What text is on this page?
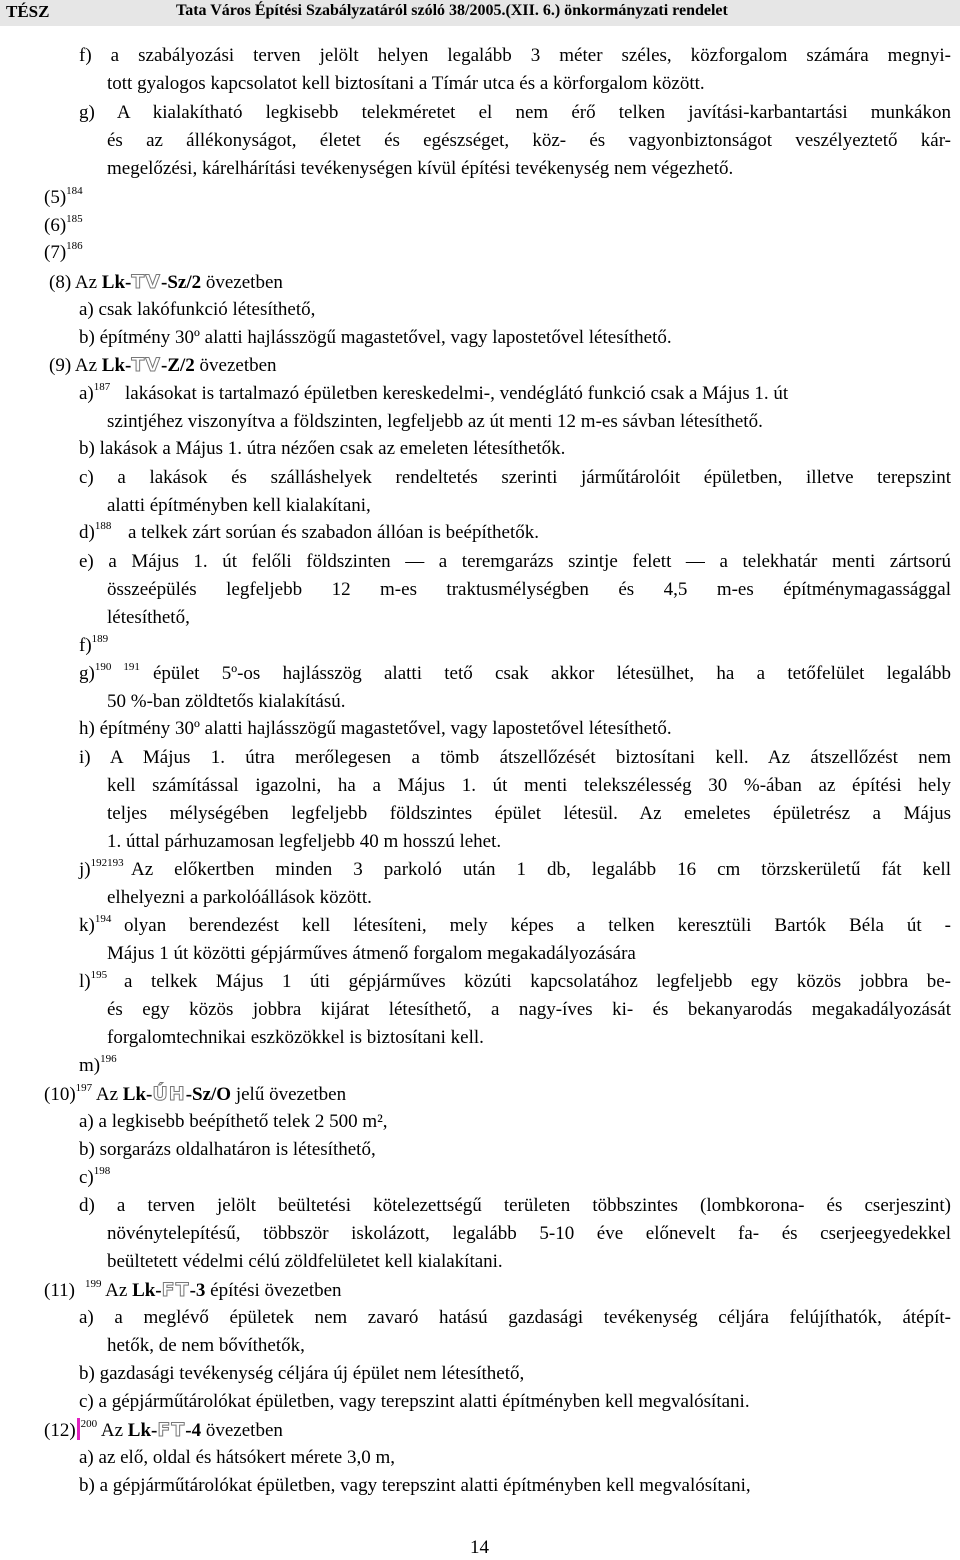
TÉSZ	Tata Város Építési Szabályzatáról szóló 38/2005.(XII. 6.) önkormányzati rendelet
f) a szabályozási terven jelölt helyen legalább 3 méter széles, közforgalom számára megnyi-
tott gyalogos kapcsolatot kell biztosítani a Tímár utca és a körforgalom között.
g) A kialakítható legkisebb telekméretet el nem érő telken javítási-karbantartási munkákon
és az állékonyságot, életet és egészséget, köz- és vagyonbiztonságot veszélyeztető kár-
megelőzési, kárelhárítási tevékenységen kívül építési tevékenység nem végezhető.
$(5)^{184}$
$(6)^{185}$
$(7)^{186}$
(8) Az Lk-TV-Sz/2 övezetben
a) csak lakófunkció létesíthető,
b) építmény 30º alatti hajlásszögű magastetővel, vagy lapostetővel létesíthető.
(9) Az Lk-TV-Z/2 övezetben
a)$^{187}$ lakásokat is tartalmazó épületben kereskedelmi-, vendéglátó funkció csak a Május 1. út
szintjéhez viszonyítva a földszinten, legfeljebb az út menti 12 m-es sávban létesíthető.
b) lakások a Május 1. útra nézően csak az emeleten létesíthetők.
c) a lakások és szálláshelyek rendeltetés szerinti járműtárolóit épületben, illetve terepszint
alatti építményben kell kialakítani,
d)$^{188}$ a telkek zárt sorúan és szabadon állóan is beépíthetők.
e) a Május 1. út felőli földszinten — a teremgarázs szintje felett — a telekhatár menti zártsorú
összeépülés legfeljebb 12 m-es traktusmélységben és 4,5 m-es építménymagassággal
létesíthető,
f)$^{189}$
g)$^{190}$ $^{191}$ épület 5º-os hajlásszög alatti tető csak akkor létesülhet, ha a tetőfelület legalább
50 %-ban zöldtetős kialakítású.
h) építmény 30º alatti hajlásszögű magastetővel, vagy lapostetővel létesíthető.
i) A Május 1. útra merőlegesen a tömb átszellőzését biztosítani kell. Az átszellőzést nem
kell számítással igazolni, ha a Május 1. út menti telekszélesség 30 %-ában az építési hely
teljes mélységében legfeljebb földszintes épület létesül. Az emeletes épületrész a Május
1. úttal párhuzamosan legfeljebb 40 m hosszú lehet.
j)$^{192193}$ Az előkertben minden 3 parkoló után 1 db, legalább 16 cm törzskerületű fát kell
elhelyezni a parkolóállások között.
k)$^{194}$ olyan berendezést kell létesíteni, mely képes a telken keresztüli Bartók Béla út -
Május 1 út közötti gépjárműves átmenő forgalom megakadályozására
l)$^{195}$ a telkek Május 1 úti gépjárműves közúti kapcsolatához legfeljebb egy közös jobbra be-
és egy közös jobbra kijárat létesíthető, a nagy-íves ki- és bekanyarodás megakadályozását
forgalomtechnikai eszközökkel is biztosítani kell.
m)$^{196}$
$(10)^{197}$ Az Lk-ÚH-Sz/O jelű övezetben
a) a legkisebb beépíthető telek 2 500 m²,
b) sorgarázs oldalhatáron is létesíthető,
c)$^{198}$
d) a terven jelölt beültetési kötelezettségű területen többszintes (lombkorona- és cserjeszint)
növénytelepítésű, többször iskolázott, legalább 5-10 éve előnevelt fa- és cserjeegyedekkel
beültetett védelmi célú zöldfelületet kell kialakítani.
(11) $^{199}$ Az Lk-FT-3 építési övezetben
a) a meglévő épületek nem zavaró hatású gazdasági tevékenység céljára felújíthatók, átépít-
hetők, de nem bővíthetők,
b) gazdasági tevékenység céljára új épület nem létesíthető,
c) a gépjárműtárolókat épületben, vagy terepszint alatti építményben kell megvalósítani.
(12) $^{200}$ Az Lk-FT-4 övezetben
a) az elő, oldal és hátsókert mérete 3,0 m,
b) a gépjárműtárolókat épületben, vagy terepszint alatti építményben kell megvalósítani,
14
